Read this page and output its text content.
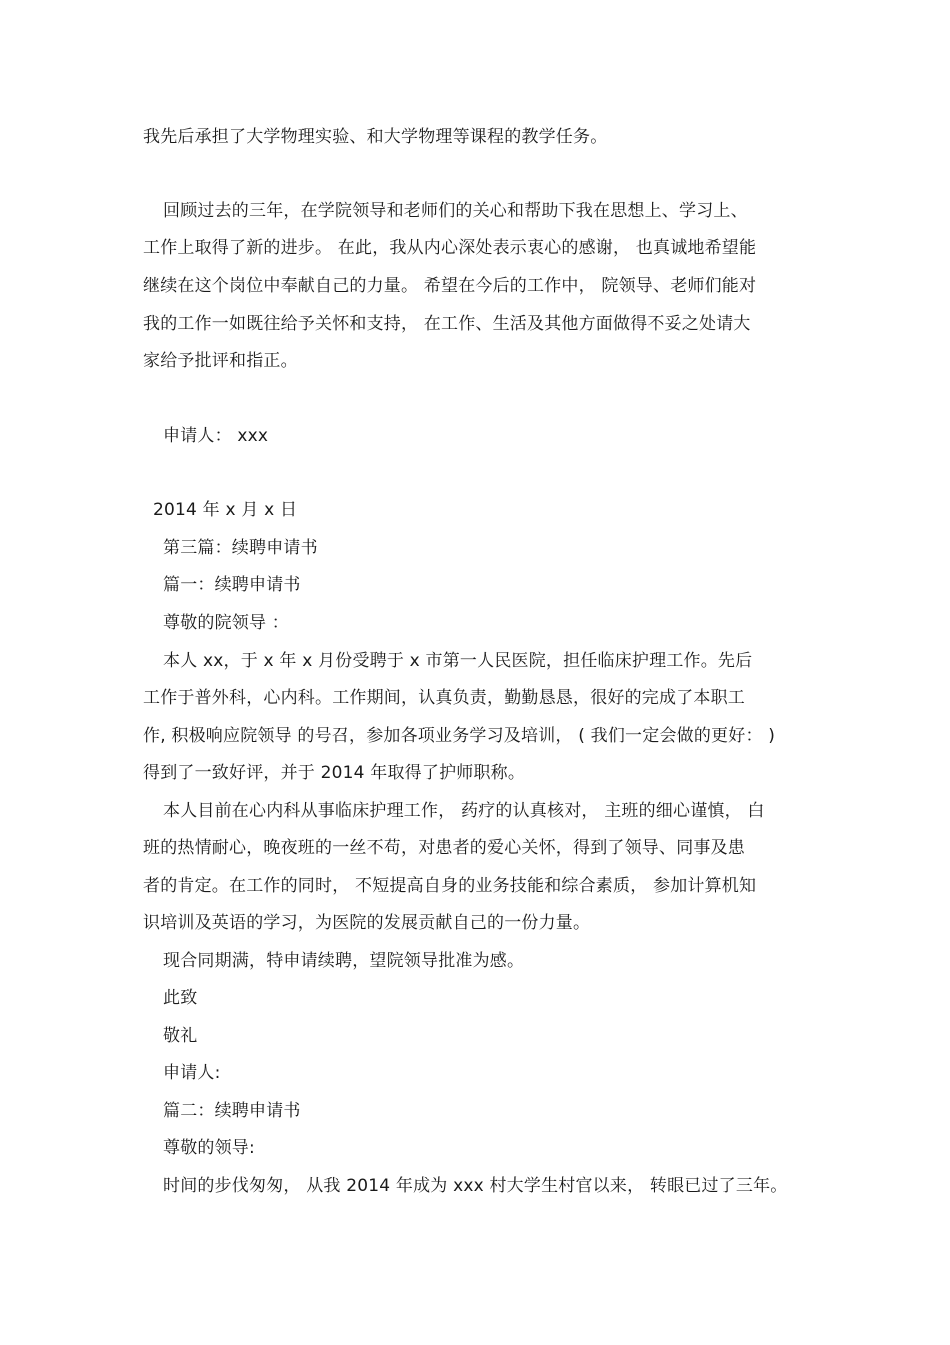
我先后承担了大学物理实验、和大学物理等课程的教学任务。
回顾过去的三年，在学院领导和老师们的关心和帮助下我在思想上、学习上、
工作上取得了新的进步。 在此，我从内心深处表示衷心的感谢， 也真诚地希望能
继续在这个岗位中奉献自己的力量。 希望在今后的工作中， 院领导、老师们能对
我的工作一如既往给予关怀和支持， 在工作、生活及其他方面做得不妥之处请大
家给予批评和指正。
申请人： xxx
2014 年 x 月 x 日
第三篇：续聘申请书
篇一：续聘申请书
尊敬的院领导 ：
本人 xx，于 x 年 x 月份受聘于 x 市第一人民医院，担任临床护理工作。先后
工作于普外科，心内科。工作期间，认真负责，勤勤恳恳，很好的完成了本职工
作, 积极响应院领导 的号召，参加各项业务学习及培训， ( 我们一定会做的更好： )
得到了一致好评，并于 2014 年取得了护师职称。
本人目前在心内科从事临床护理工作， 药疗的认真核对， 主班的细心谨慎， 白
班的热情耐心，晚夜班的一丝不苟，对患者的爱心关怀，得到了领导、同事及患
者的肯定。在工作的同时， 不短提高自身的业务技能和综合素质， 参加计算机知
识培训及英语的学习，为医院的发展贡献自己的一份力量。
现合同期满，特申请续聘，望院领导批准为感。
此致
敬礼
申请人:
篇二：续聘申请书
尊敬的领导:
时间的步伐匆匆， 从我 2014 年成为 xxx 村大学生村官以来， 转眼已过了三年。
